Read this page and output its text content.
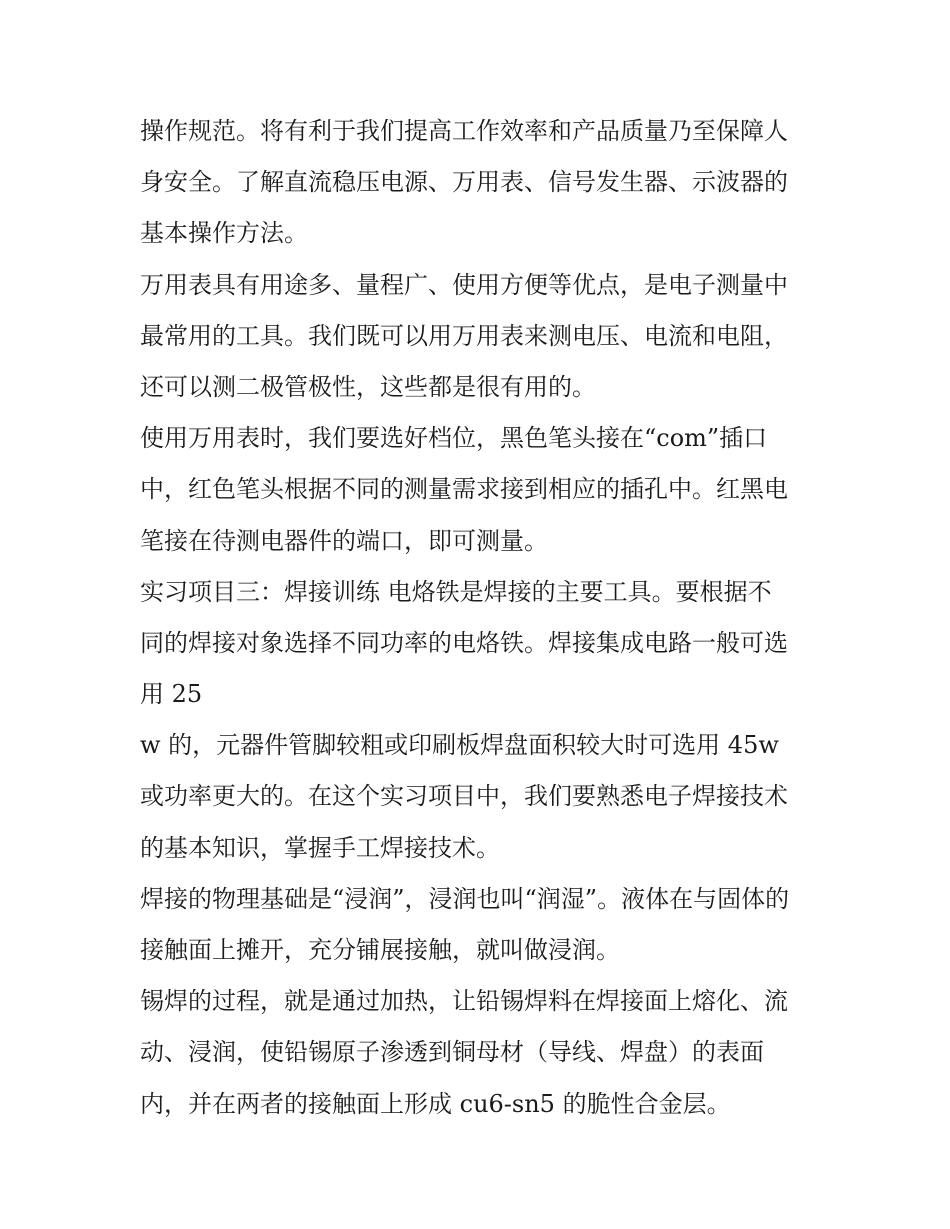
操作规范。将有利于我们提高工作效率和产品质量乃至保障人
身安全。了解直流稳压电源、万用表、信号发生器、示波器的
基本操作方法。
万用表具有用途多、量程广、使用方便等优点，是电子测量中
最常用的工具。我们既可以用万用表来测电压、电流和电阻，
还可以测二极管极性，这些都是很有用的。
使用万用表时，我们要选好档位，黑色笔头接在“com”插口
中，红色笔头根据不同的测量需求接到相应的插孔中。红黑电
笔接在待测电器件的端口，即可测量。
实习项目三：焊接训练 电烙铁是焊接的主要工具。要根据不
同的焊接对象选择不同功率的电烙铁。焊接集成电路一般可选
用 25
w 的，元器件管脚较粗或印刷板焊盘面积较大时可选用 45w
或功率更大的。在这个实习项目中，我们要熟悉电子焊接技术
的基本知识，掌握手工焊接技术。
焊接的物理基础是“浸润”，浸润也叫“润湿”。液体在与固体的
接触面上摊开，充分铺展接触，就叫做浸润。
锡焊的过程，就是通过加热，让铅锡焊料在焊接面上熔化、流
动、浸润，使铅锡原子渗透到铜母材（导线、焊盘）的表面
内，并在两者的接触面上形成 cu6-sn5 的脆性合金层。
